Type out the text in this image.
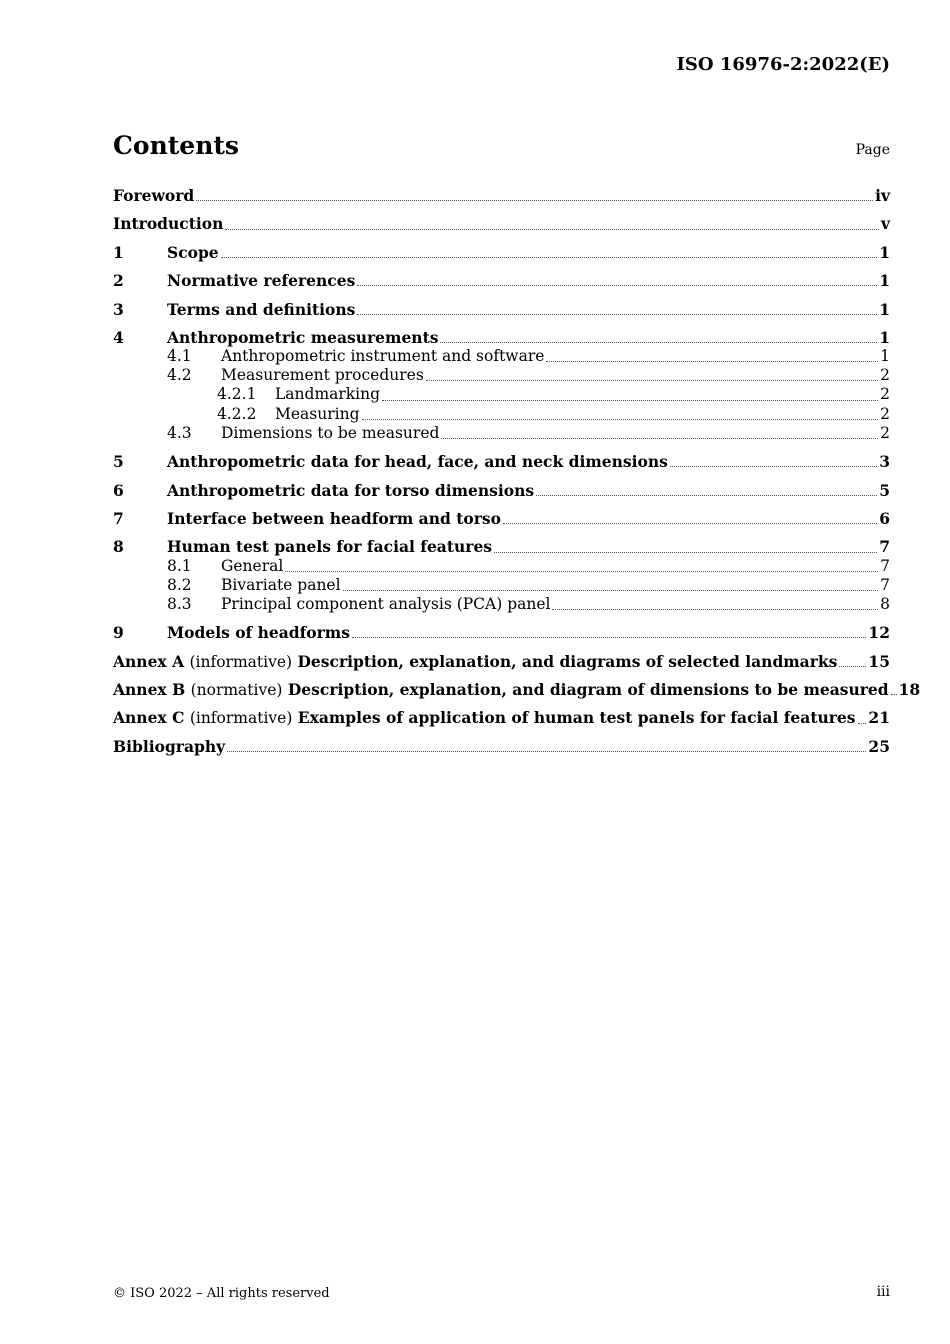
ISO 16976-2:2022(E)
Contents	Page
Foreword	iv
Introduction	v
1	Scope	1
2	Normative references	1
3	Terms and definitions	1
4	Anthropometric measurements	1
4.1	Anthropometric instrument and software	1
4.2	Measurement procedures	2
4.2.1	Landmarking	2
4.2.2	Measuring	2
4.3	Dimensions to be measured	2
5	Anthropometric data for head, face, and neck dimensions	3
6	Anthropometric data for torso dimensions	5
7	Interface between headform and torso	6
8	Human test panels for facial features	7
8.1	General	7
8.2	Bivariate panel	7
8.3	Principal component analysis (PCA) panel	8
9	Models of headforms	12
Annex A (informative) Description, explanation, and diagrams of selected landmarks 15
Annex B (normative) Description, explanation, and diagram of dimensions to be measured 18
Annex C (informative) Examples of application of human test panels for facial features 21
Bibliography	25
© ISO 2022 – All rights reserved	iii
